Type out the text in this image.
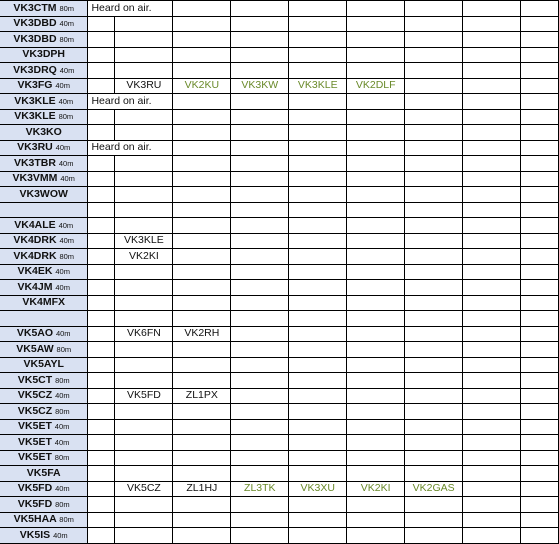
VK3CTM 80m	Heard on air.								
VK3DBD 40m									
VK3DBD 80m									
VK3DPH									
VK3DRQ 40m									
VK3FG 40m		VK3RU	VK2KU	VK3KW	VK3KLE	VK2DLF			
VK3KLE 40m	Heard on air.								
VK3KLE 80m									
VK3KO									
VK3RU 40m	Heard on air.								
VK3TBR 40m									
VK3VMM 40m									
VK3WOW									

VK4ALE 40m									
VK4DRK 40m		VK3KLE							
VK4DRK 80m		VK2KI							
VK4EK 40m									
VK4JM 40m									
VK4MFX									

VK5AO 40m		VK6FN	VK2RH						
VK5AW 80m									
VK5AYL									
VK5CT 80m									
VK5CZ 40m		VK5FD	ZL1PX						
VK5CZ 80m									
VK5ET 40m									
VK5ET 40m									
VK5ET 80m									
VK5FA									
VK5FD 40m		VK5CZ	ZL1HJ	ZL3TK	VK3XU	VK2KI	VK2GAS		
VK5FD 80m									
VK5HAA 80m									
VK5IS 40m									
